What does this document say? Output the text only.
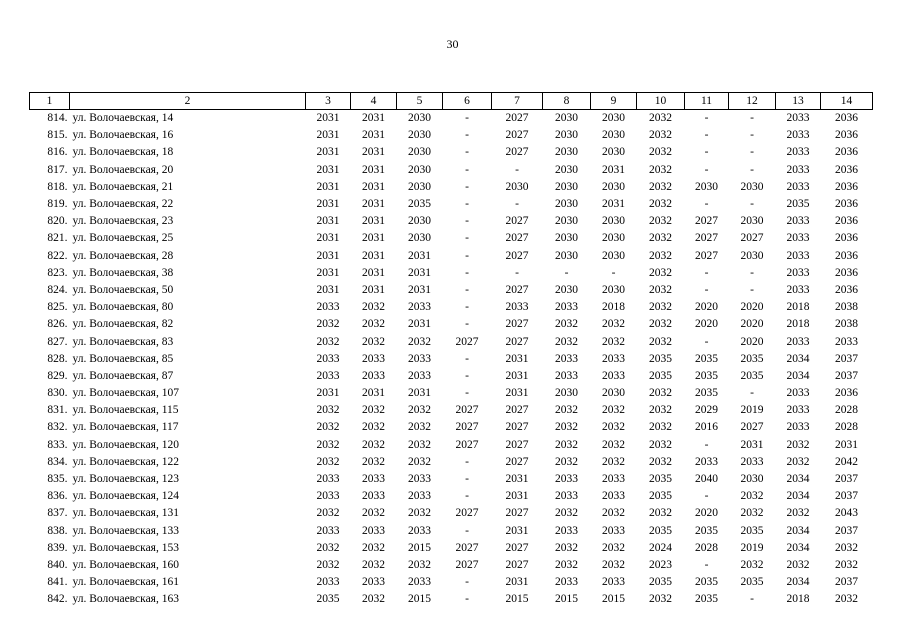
30
1	2	3	4	5	6	7	8	9	10	11	12	13	14
814.	ул. Волочаевская, 14	2031	2031	2030	-	2027	2030	2030	2032	-	-	2033	2036
815.	ул. Волочаевская, 16	2031	2031	2030	-	2027	2030	2030	2032	-	-	2033	2036
816.	ул. Волочаевская, 18	2031	2031	2030	-	2027	2030	2030	2032	-	-	2033	2036
817.	ул. Волочаевская, 20	2031	2031	2030	-	-	2030	2031	2032	-	-	2033	2036
818.	ул. Волочаевская, 21	2031	2031	2030	-	2030	2030	2030	2032	2030	2030	2033	2036
819.	ул. Волочаевская, 22	2031	2031	2035	-	-	2030	2031	2032	-	-	2035	2036
820.	ул. Волочаевская, 23	2031	2031	2030	-	2027	2030	2030	2032	2027	2030	2033	2036
821.	ул. Волочаевская, 25	2031	2031	2030	-	2027	2030	2030	2032	2027	2027	2033	2036
822.	ул. Волочаевская, 28	2031	2031	2031	-	2027	2030	2030	2032	2027	2030	2033	2036
823.	ул. Волочаевская, 38	2031	2031	2031	-	-	-	-	2032	-	-	2033	2036
824.	ул. Волочаевская, 50	2031	2031	2031	-	2027	2030	2030	2032	-	-	2033	2036
825.	ул. Волочаевская, 80	2033	2032	2033	-	2033	2033	2018	2032	2020	2020	2018	2038
826.	ул. Волочаевская, 82	2032	2032	2031	-	2027	2032	2032	2032	2020	2020	2018	2038
827.	ул. Волочаевская, 83	2032	2032	2032	2027	2027	2032	2032	2032	-	2020	2033	2033
828.	ул. Волочаевская, 85	2033	2033	2033	-	2031	2033	2033	2035	2035	2035	2034	2037
829.	ул. Волочаевская, 87	2033	2033	2033	-	2031	2033	2033	2035	2035	2035	2034	2037
830.	ул. Волочаевская, 107	2031	2031	2031	-	2031	2030	2030	2032	2035	-	2033	2036
831.	ул. Волочаевская, 115	2032	2032	2032	2027	2027	2032	2032	2032	2029	2019	2033	2028
832.	ул. Волочаевская, 117	2032	2032	2032	2027	2027	2032	2032	2032	2016	2027	2033	2028
833.	ул. Волочаевская, 120	2032	2032	2032	2027	2027	2032	2032	2032	-	2031	2032	2031
834.	ул. Волочаевская, 122	2032	2032	2032	-	2027	2032	2032	2032	2033	2033	2032	2042
835.	ул. Волочаевская, 123	2033	2033	2033	-	2031	2033	2033	2035	2040	2030	2034	2037
836.	ул. Волочаевская, 124	2033	2033	2033	-	2031	2033	2033	2035	-	2032	2034	2037
837.	ул. Волочаевская, 131	2032	2032	2032	2027	2027	2032	2032	2032	2020	2032	2032	2043
838.	ул. Волочаевская, 133	2033	2033	2033	-	2031	2033	2033	2035	2035	2035	2034	2037
839.	ул. Волочаевская, 153	2032	2032	2015	2027	2027	2032	2032	2024	2028	2019	2034	2032
840.	ул. Волочаевская, 160	2032	2032	2032	2027	2027	2032	2032	2023	-	2032	2032	2032
841.	ул. Волочаевская, 161	2033	2033	2033	-	2031	2033	2033	2035	2035	2035	2034	2037
842.	ул. Волочаевская, 163	2035	2032	2015	-	2015	2015	2015	2032	2035	-	2018	2032
